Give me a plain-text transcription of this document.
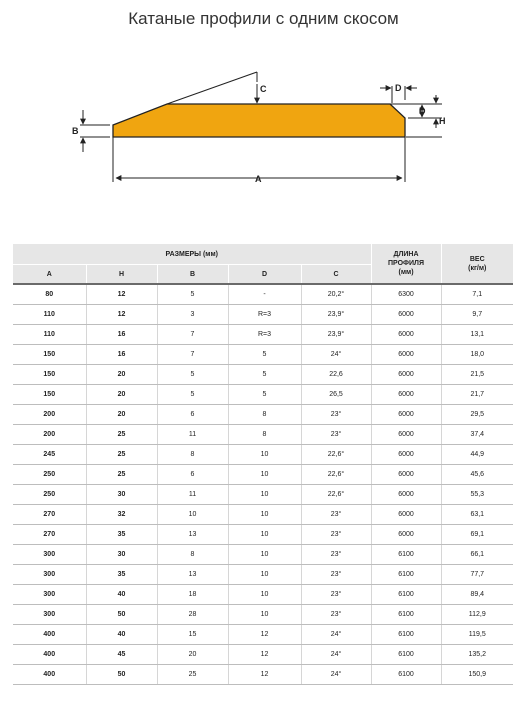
Катаные профили с одним скосом
A
B
C	D
D
H
РАЗМЕРЫ (мм)					ДЛИНА
ПРОФИЛЯ
(мм)	ВЕС
(кг/м)
A	H	B	D	C		
80	12	5	-	20,2°	6300	7,1
110	12	3	R=3	23,9°	6000	9,7
110	16	7	R=3	23,9°	6000	13,1
150	16	7	5	24°	6000	18,0
150	20	5	5	22,6	6000	21,5
150	20	5	5	26,5	6000	21,7
200	20	6	8	23°	6000	29,5
200	25	11	8	23°	6000	37,4
245	25	8	10	22,6°	6000	44,9
250	25	6	10	22,6°	6000	45,6
250	30	11	10	22,6°	6000	55,3
270	32	10	10	23°	6000	63,1
270	35	13	10	23°	6000	69,1
300	30	8	10	23°	6100	66,1
300	35	13	10	23°	6100	77,7
300	40	18	10	23°	6100	89,4
300	50	28	10	23°	6100	112,9
400	40	15	12	24°	6100	119,5
400	45	20	12	24°	6100	135,2
400	50	25	12	24°	6100	150,9
